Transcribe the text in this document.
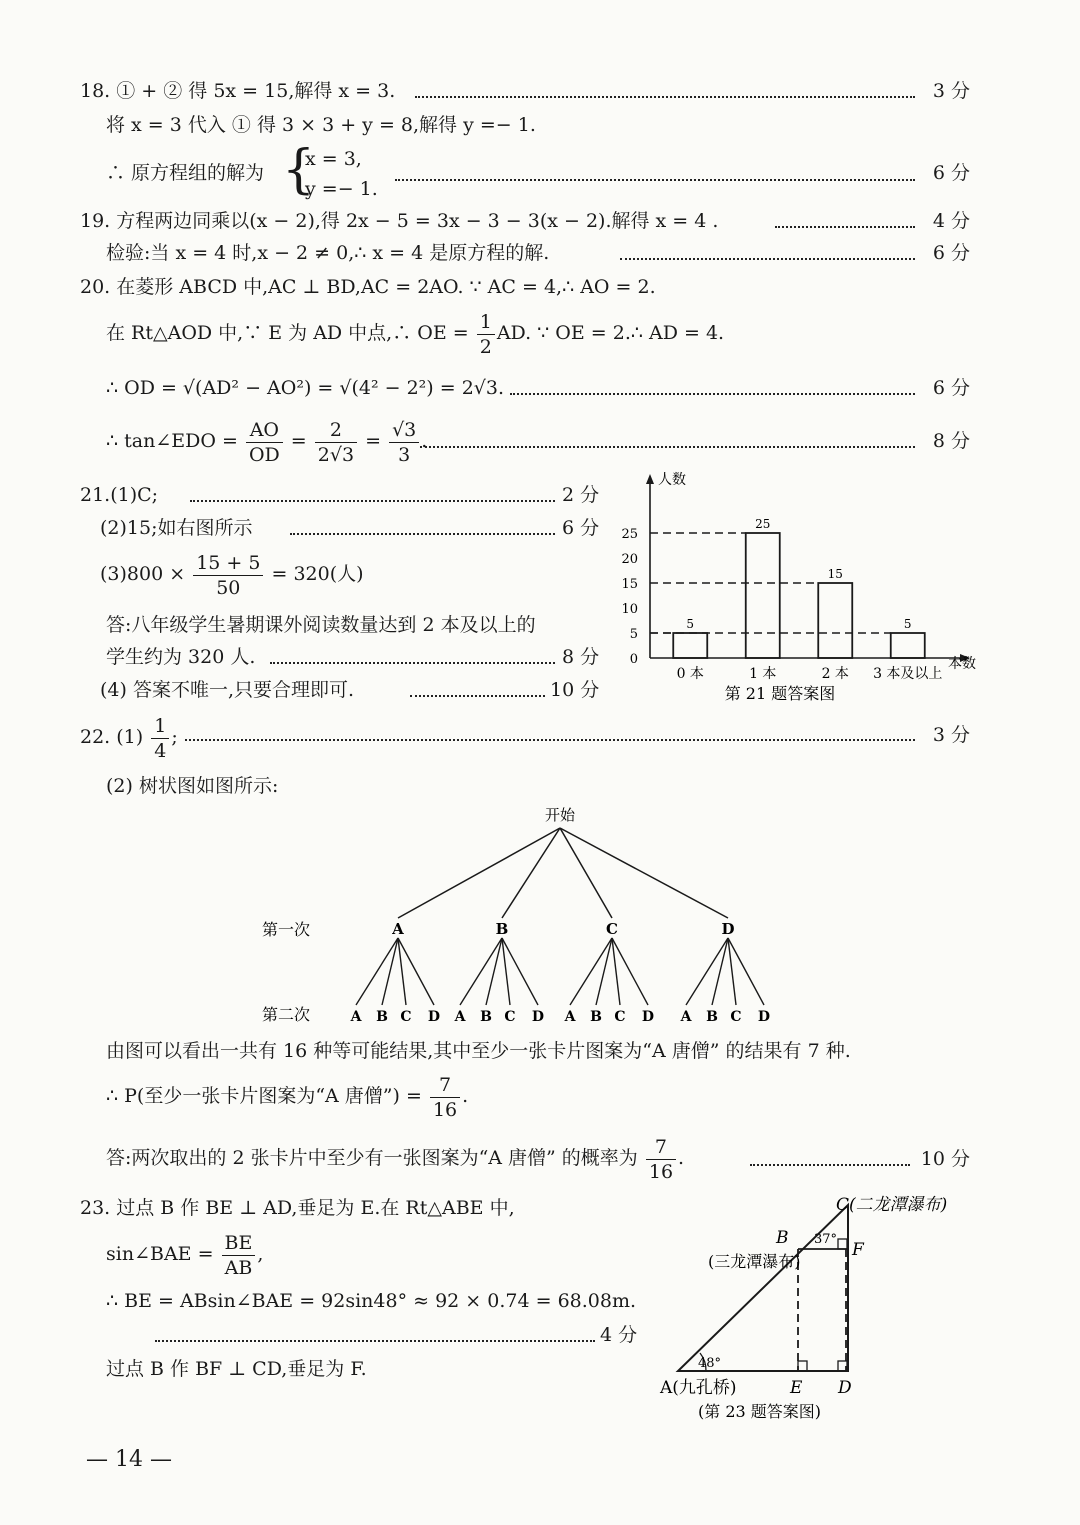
18. ① + ② 得 5x = 15,解得 x = 3.	3 分
将 x = 3 代入 ① 得 3 × 3 + y = 8,解得 y =− 1.
∴ 原方程组的解为 {
x = 3,
y =− 1.
6 分
19. 方程两边同乘以(x − 2),得 2x − 5 = 3x − 3 − 3(x − 2).解得 x = 4 .	4 分
检验:当 x = 4 时,x − 2 ≠ 0,∴ x = 4 是原方程的解.	6 分
20. 在菱形 ABCD 中,AC ⊥ BD,AC = 2AO. ∵ AC = 4,∴ AO = 2.
在 Rt△AOD 中,∵ E 为 AD 中点,∴ OE = $\frac{1}{2}$ AD. ∵ OE = 2.∴ AD = 4.
∴ OD = √(AD² − AO²) = √(4² − 2²) = 2√3.	6 分
∴ tan∠EDO = $\frac{AO}{OD} = \frac{2}{2√3} = \frac{√3}{3}$ .	8 分
21.(1)C;	2 分
(2)15;如右图所示	6 分
$(3)800 \times \frac{15 + 5}{50} = 320$(人)
答:八年级学生暑期课外阅读数量达到 2 本及以上的
学生约为 320 人.	8 分
(4) 答案不唯一,只要合理即可.	10 分
人数
本数
0
5
10
15
20
25
5
0 本
25
1 本
15
2 本
5
3 本及以上
第 21 题答案图
22. $(1) \frac{1}{4}$ ;	3 分
(2) 树状图如图所示:
开始
第一次
第二次
A
A B C D
B
A B C D
C
A B C D
D
A B C D
由图可以看出一共有 16 种等可能结果,其中至少一张卡片图案为“A 唐僧” 的结果有 7 种.
∴ P(至少一张卡片图案为“A 唐僧”) = $\frac{7}{16}$ .
答:两次取出的 2 张卡片中至少有一张图案为“A 唐僧” 的概率为 $\frac{7}{16}$ .	10 分
23. 过点 B 作 BE ⊥ AD,垂足为 E.在 Rt△ABE 中,
sin∠BAE = $\frac{BE}{AB}$ ,
∴ BE = ABsin∠BAE = 92sin48° ≈ 92 × 0.74 = 68.08m.
4 分
过点 B 作 BF ⊥ CD,垂足为 F.
C(二龙潭瀑布)
B
(三龙潭瀑布)
37°
F
48°
A(九孔桥)	E D
(第 23 题答案图)
— 14 —
